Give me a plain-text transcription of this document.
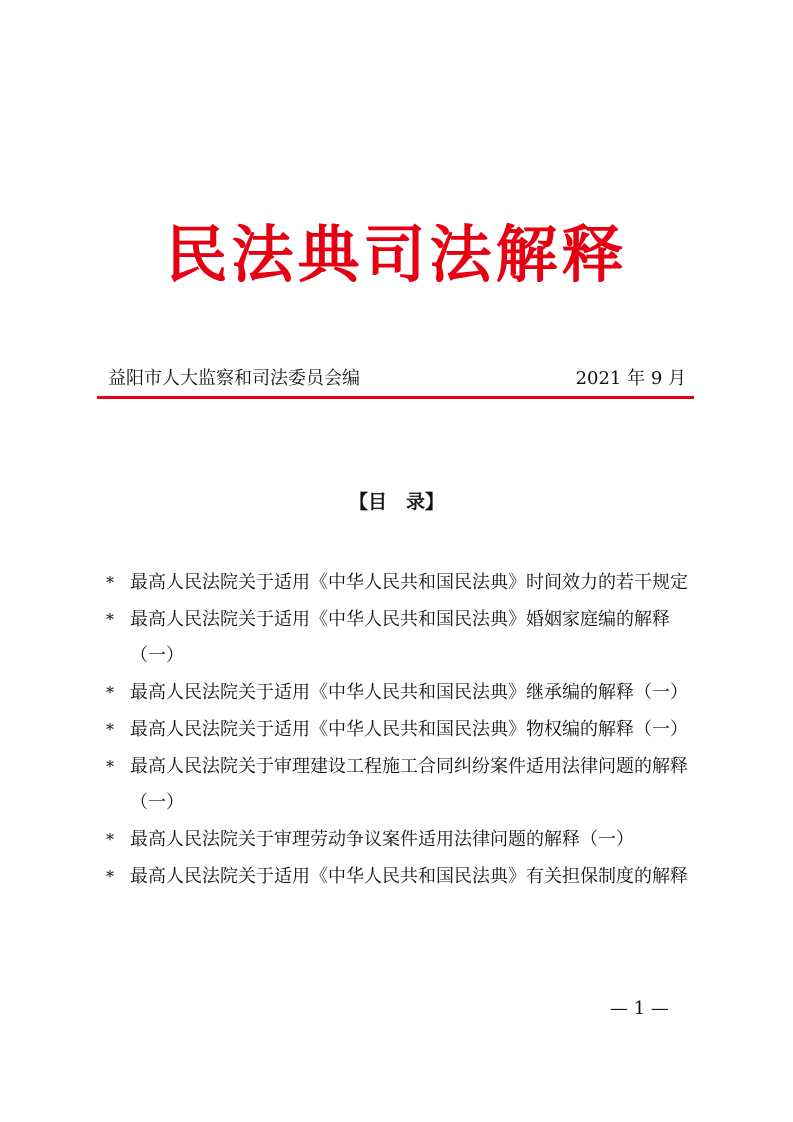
民法典司法解释
益阳市人大监察和司法委员会编	2021 年 9 月
【目　录】
* 最高人民法院关于适用《中华人民共和国民法典》时间效力的若干规定
* 最高人民法院关于适用《中华人民共和国民法典》婚姻家庭编的解释（一）
* 最高人民法院关于适用《中华人民共和国民法典》继承编的解释（一）
* 最高人民法院关于适用《中华人民共和国民法典》物权编的解释（一）
* 最高人民法院关于审理建设工程施工合同纠纷案件适用法律问题的解释（一）
* 最高人民法院关于审理劳动争议案件适用法律问题的解释（一）
* 最高人民法院关于适用《中华人民共和国民法典》有关担保制度的解释
— 1 —
